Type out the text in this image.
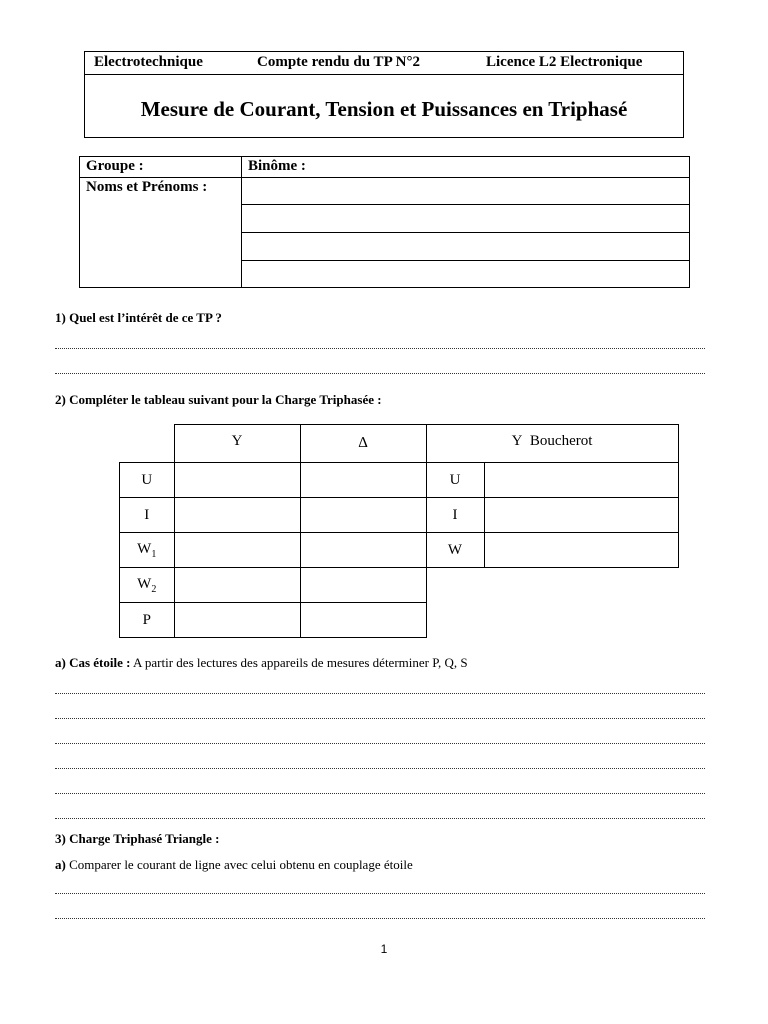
Electrotechnique	Compte rendu du TP N°2	Licence L2 Electronique
Mesure de Courant, Tension et Puissances en Triphasé
Groupe :	Binôme :

Noms et Prénoms :	

1) Quel est l’intérêt de ce TP ?
2) Compléter le tableau suivant pour la Charge Triphasée :
	Y	∆	Y Boucherot	
U			U	
I			I	
$W_1$			W	
$W_2$			
P				
a) Cas étoile : A partir des lectures des appareils de mesures déterminer P, Q, S
3) Charge Triphasé Triangle :
a) Comparer le courant de ligne avec celui obtenu en couplage étoile
1
